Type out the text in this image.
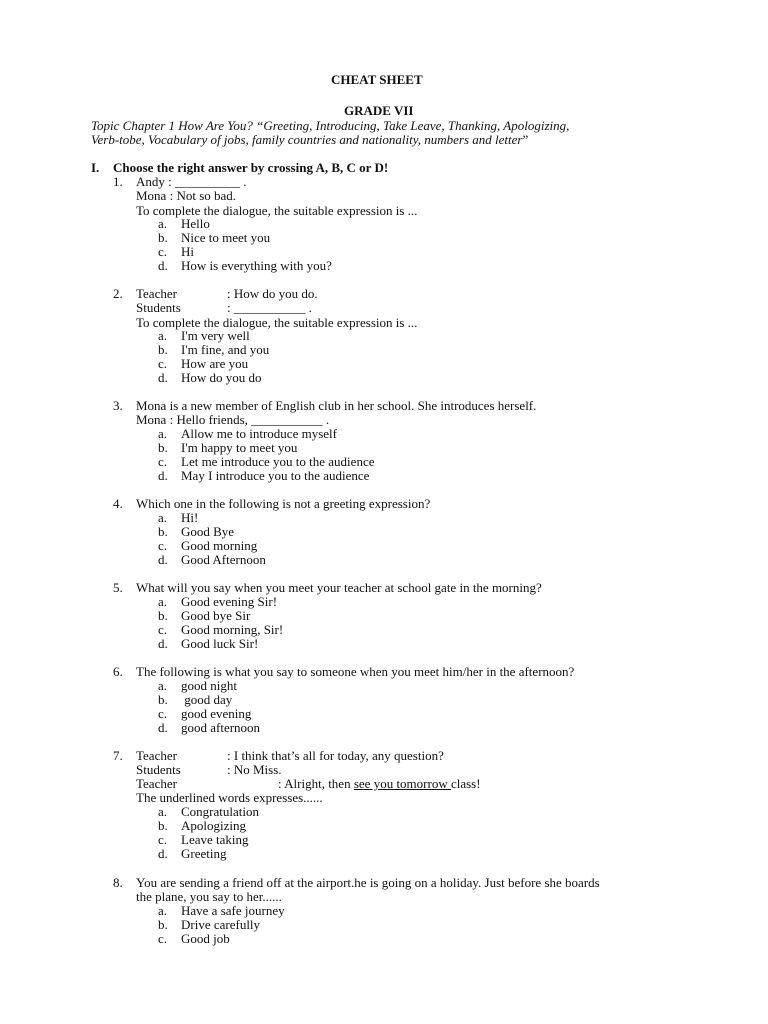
CHEAT SHEET
GRADE VII
Topic Chapter 1 How Are You? “Greeting, Introducing, Take Leave, Thanking, Apologizing,
Verb-tobe, Vocabulary of jobs, family countries and nationality, numbers and letter”
I. Choose the right answer by crossing A, B, C or D!
1. Andy : __________ .
Mona : Not so bad.
To complete the dialogue, the suitable expression is ...
a. Hello
b. Nice to meet you
c. Hi
d. How is everything with you?
2. Teacher	: How do you do.
Students	: ___________ .
To complete the dialogue, the suitable expression is ...
a. I'm very well
b. I'm fine, and you
c. How are you
d. How do you do
3. Mona is a new member of English club in her school. She introduces herself.
Mona : Hello friends, ___________ .
a. Allow me to introduce myself
b. I'm happy to meet you
c. Let me introduce you to the audience
d. May I introduce you to the audience
4. Which one in the following is not a greeting expression?
a. Hi!
b. Good Bye
c. Good morning
d. Good Afternoon
5. What will you say when you meet your teacher at school gate in the morning?
a. Good evening Sir!
b. Good bye Sir
c. Good morning, Sir!
d. Good luck Sir!
6. The following is what you say to someone when you meet him/her in the afternoon?
a. good night
b. good day
c. good evening
d. good afternoon
7. Teacher	: I think that’s all for today, any question?
Students	: No Miss.
Teacher	: Alright, then see you tomorrow class!
The underlined words expresses......
a. Congratulation
b. Apologizing
c. Leave taking
d. Greeting
8. You are sending a friend off at the airport.he is going on a holiday. Just before she boards
the plane, you say to her......
a. Have a safe journey
b. Drive carefully
c. Good job
